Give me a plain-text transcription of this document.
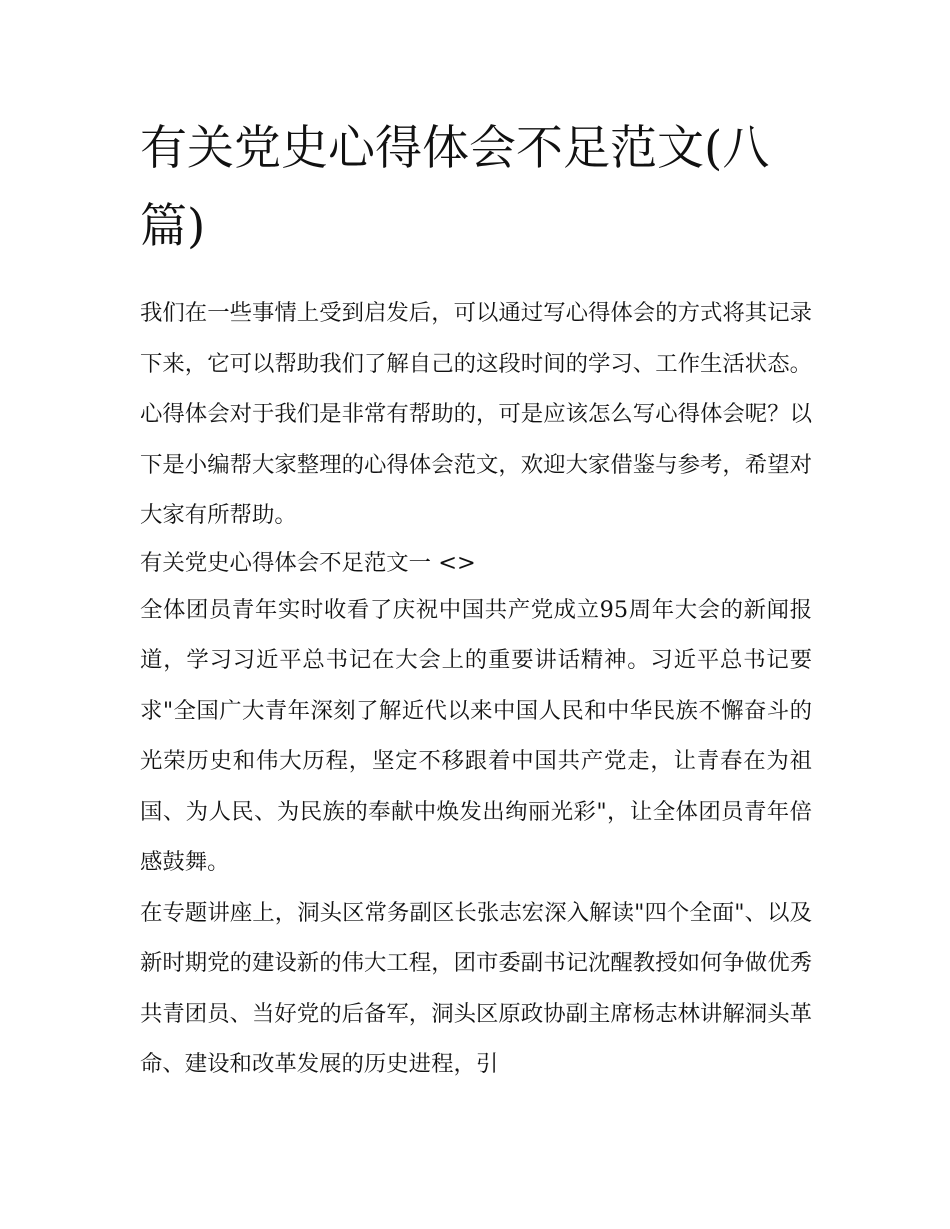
有关党史心得体会不足范文(八篇)

我们在一些事情上受到启发后，可以通过写心得体会的方式将其记录下来，它可以帮助我们了解自己的这段时间的学习、工作生活状态。心得体会对于我们是非常有帮助的，可是应该怎么写心得体会呢？以下是小编帮大家整理的心得体会范文，欢迎大家借鉴与参考，希望对大家有所帮助。

有关党史心得体会不足范文一 <>

全体团员青年实时收看了庆祝中国共产党成立95周年大会的新闻报道，学习习近平总书记在大会上的重要讲话精神。习近平总书记要求"全国广大青年深刻了解近代以来中国人民和中华民族不懈奋斗的光荣历史和伟大历程，坚定不移跟着中国共产党走，让青春在为祖国、为人民、为民族的奉献中焕发出绚丽光彩"，让全体团员青年倍感鼓舞。

在专题讲座上，洞头区常务副区长张志宏深入解读"四个全面"、以及新时期党的建设新的伟大工程，团市委副书记沈醒教授如何争做优秀共青团员、当好党的后备军，洞头区原政协副主席杨志林讲解洞头革命、建设和改革发展的历史进程，引
